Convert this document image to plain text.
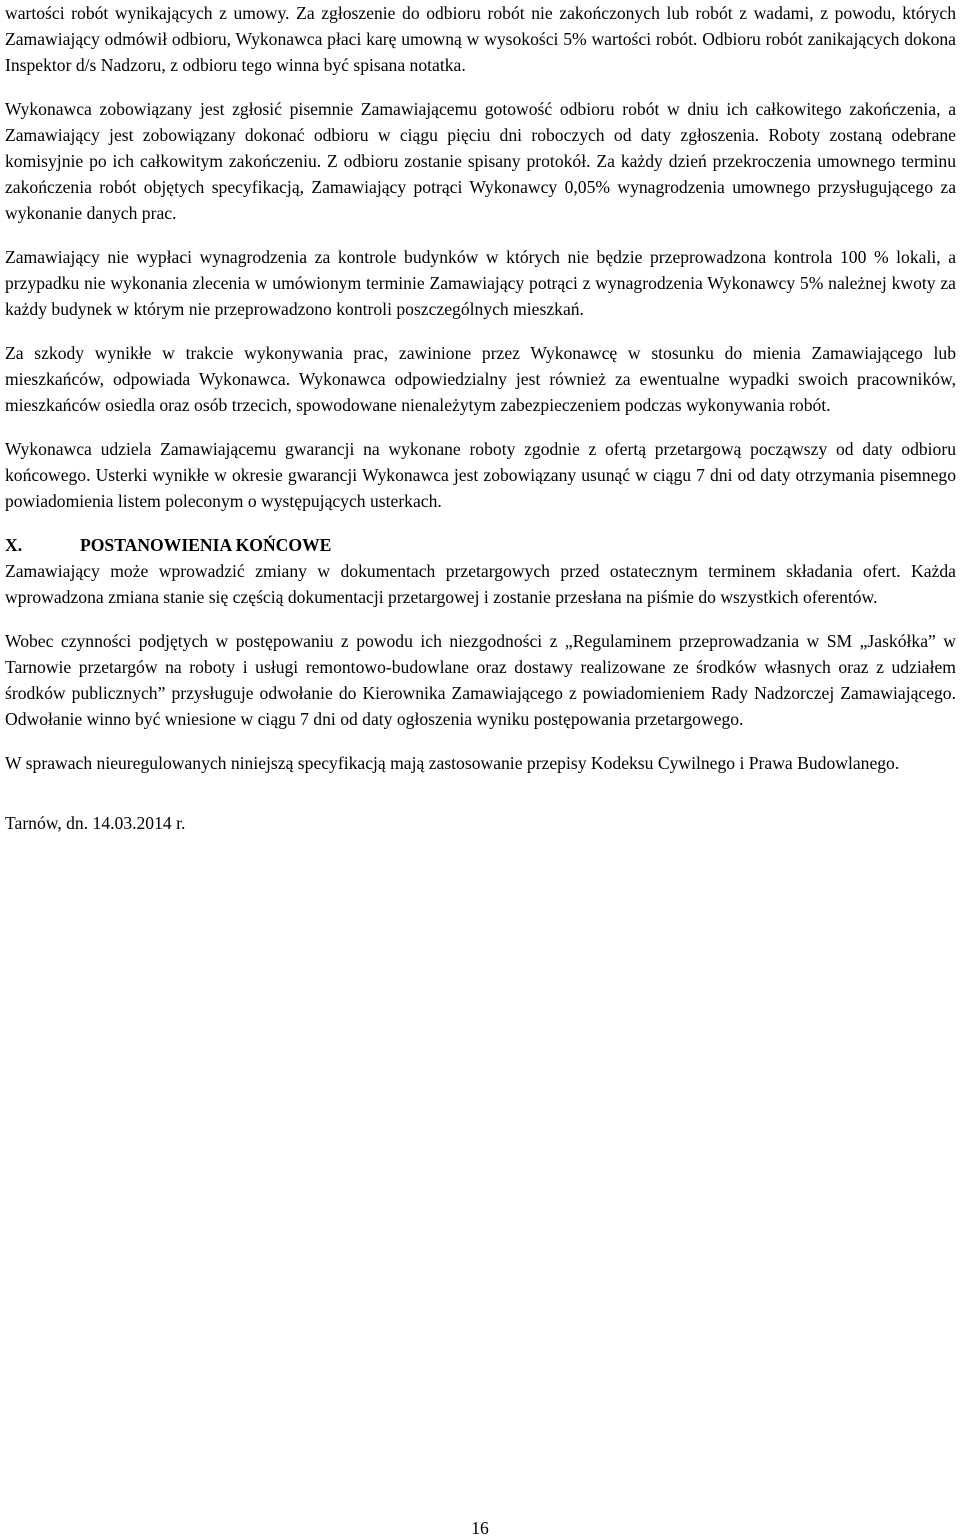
wartości robót wynikających z umowy. Za zgłoszenie do odbioru robót nie zakończonych lub robót z wadami, z powodu, których Zamawiający odmówił odbioru, Wykonawca płaci karę umowną w wysokości 5% wartości robót. Odbioru robót zanikających dokona Inspektor d/s Nadzoru, z odbioru tego winna być spisana notatka.

Wykonawca zobowiązany jest zgłosić pisemnie Zamawiającemu gotowość odbioru robót w dniu ich całkowitego zakończenia, a Zamawiający jest zobowiązany dokonać odbioru w ciągu pięciu dni roboczych od daty zgłoszenia. Roboty zostaną odebrane komisyjnie po ich całkowitym zakończeniu. Z odbioru zostanie spisany protokół. Za każdy dzień przekroczenia umownego terminu zakończenia robót objętych specyfikacją, Zamawiający potrąci Wykonawcy 0,05% wynagrodzenia umownego przysługującego za wykonanie danych prac.

Zamawiający nie wypłaci wynagrodzenia za kontrole budynków w których nie będzie przeprowadzona kontrola 100 % lokali, a przypadku nie wykonania zlecenia w umówionym terminie Zamawiający potrąci z wynagrodzenia Wykonawcy 5% należnej kwoty za każdy budynek w którym nie przeprowadzono kontroli poszczególnych mieszkań.

Za szkody wynikłe w trakcie wykonywania prac, zawinione przez Wykonawcę w stosunku do mienia Zamawiającego lub mieszkańców, odpowiada Wykonawca. Wykonawca odpowiedzialny jest również za ewentualne wypadki swoich pracowników, mieszkańców osiedla oraz osób trzecich, spowodowane nienależytym zabezpieczeniem podczas wykonywania robót.

Wykonawca udziela Zamawiającemu gwarancji na wykonane roboty zgodnie z ofertą przetargową począwszy od daty odbioru końcowego. Usterki wynikłe w okresie gwarancji Wykonawca jest zobowiązany usunąć w ciągu 7 dni od daty otrzymania pisemnego powiadomienia listem poleconym o występujących usterkach.

X.	POSTANOWIENIA KOŃCOWE

Zamawiający może wprowadzić zmiany w dokumentach przetargowych przed ostatecznym terminem składania ofert. Każda wprowadzona zmiana stanie się częścią dokumentacji przetargowej i zostanie przesłana na piśmie do wszystkich oferentów.

Wobec czynności podjętych w postępowaniu z powodu ich niezgodności z „Regulaminem przeprowadzania w SM „Jaskółka” w Tarnowie przetargów na roboty i usługi remontowo-budowlane oraz dostawy realizowane ze środków własnych oraz z udziałem środków publicznych” przysługuje odwołanie do Kierownika Zamawiającego z powiadomieniem Rady Nadzorczej Zamawiającego. Odwołanie winno być wniesione w ciągu 7 dni od daty ogłoszenia wyniku postępowania przetargowego.

W sprawach nieuregulowanych niniejszą specyfikacją mają zastosowanie przepisy Kodeksu Cywilnego i Prawa Budowlanego.

Tarnów, dn. 14.03.2014 r.

16
